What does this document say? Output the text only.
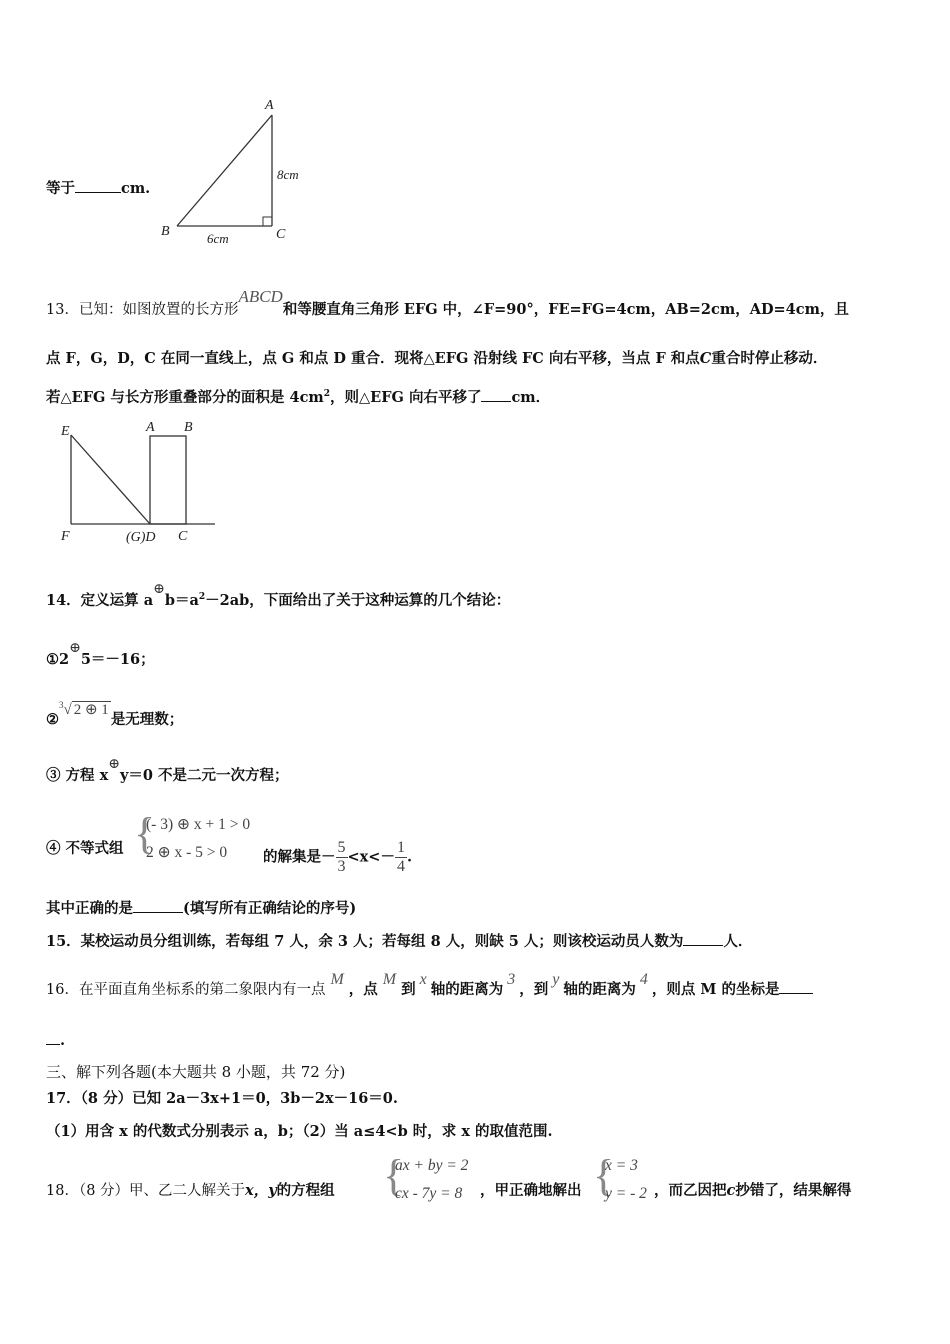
等于	cm.
A
B	C
8cm
6cm
13．已知：如图放置的长方形ABCD和等腰直角三角形 EFG 中，∠F=90°，FE=FG=4cm，AB=2cm，AD=4cm，且
点 F，G，D，C 在同一直线上，点 G 和点 D 重合．现将△EFG 沿射线 FC 向右平移，当点 F 和点C重合时停止移动．
若△EFG 与长方形重叠部分的面积是 $4cm^2$，则△EFG 向右平移了 cm．
E	A B
F	(G)D C
14．定义运算 $a\oplus b=a^2-2ab$，下面给出了关于这种运算的几个结论：
①2⊕5＝－16；
②$^3$√ 2 ⊕ 1是无理数；
③ 方程 x⊕y＝0 不是二元一次方程；
④ 不等式组 {
(- 3) ⊕ x + 1 > 0
2 ⊕ x - 5 > 0 的解集是－ $\frac{5}{3} <x<- \frac{1}{4}$ .
其中正确的是	(填写所有正确结论的序号)
15．某校运动员分组训练，若每组 7 人，余 3 人；若每组 8 人，则缺 5 人；则该校运动员人数为	人．
16．在平面直角坐标系的第二象限内有一点M，点M到x轴的距离为3，到y轴的距离为4，则点 M 的坐标是
.
三、解下列各题(本大题共 8 小题，共 72 分)
17．（8 分）已知 2a－3x+1＝0，3b－2x－16＝0.
（1）用含 x 的代数式分别表示 a，b；（2）当 a≤4<b 时，求 x 的取值范围.
18．（8 分）甲、乙二人解关于x，y的方程组 {
ax + by = 2
cx - 7y = 8 ，甲正确地解出 {
x = 3
y = - 2 ，而乙因把c抄错了，结果解得
